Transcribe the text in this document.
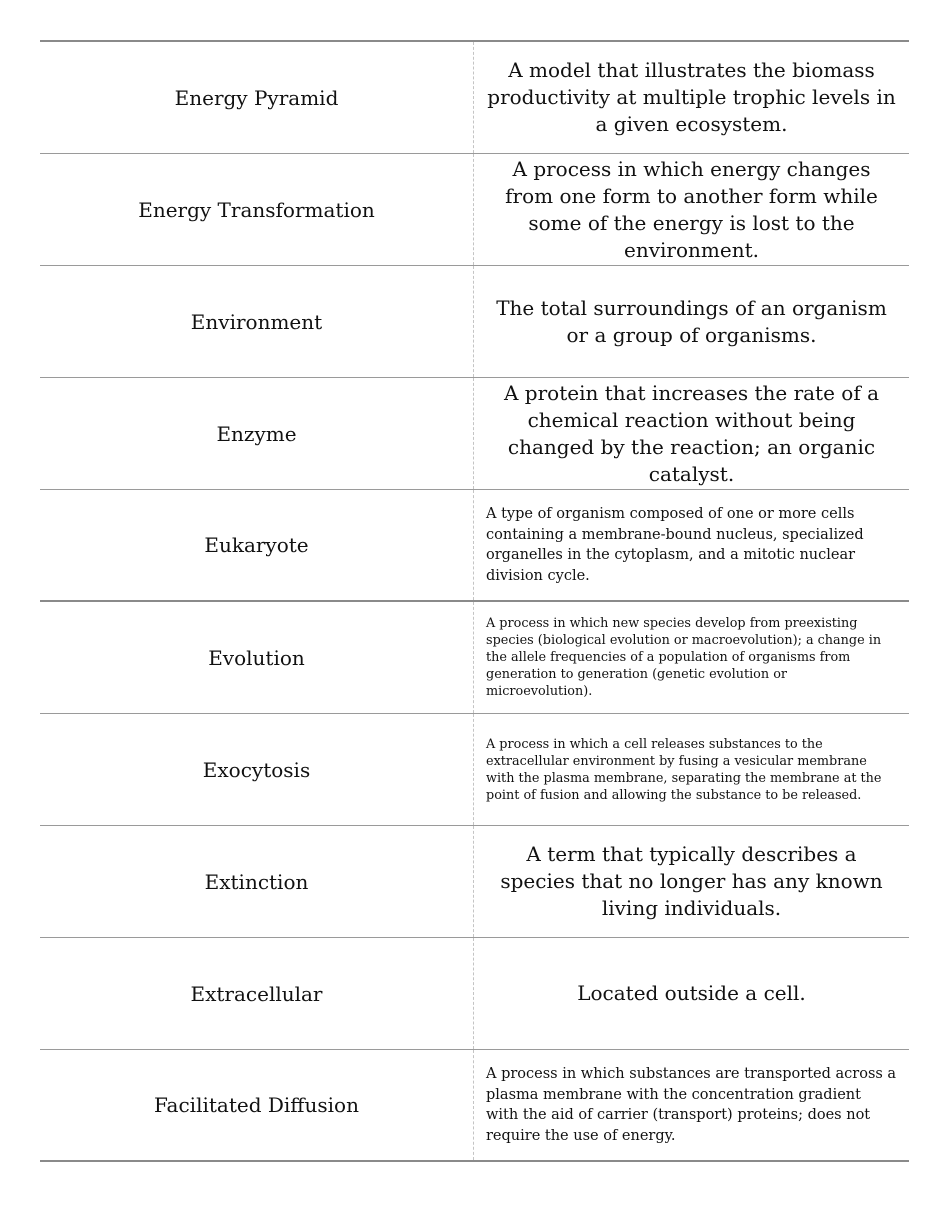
Energy Pyramid
A model that illustrates the biomass productivity at multiple trophic levels in a given ecosystem.
Energy Transformation
A process in which energy changes from one form to another form while some of the energy is lost to the environment.
Environment
The total surroundings of an organism or a group of organisms.
Enzyme
A protein that increases the rate of a chemical reaction without being changed by the reaction; an organic catalyst.
Eukaryote
A type of organism composed of one or more cells containing a membrane-bound nucleus, specialized organelles in the cytoplasm, and a mitotic nuclear division cycle.
Evolution
A process in which new species develop from preexisting species (biological evolution or macroevolution); a change in the allele frequencies of a population of organisms from generation to generation (genetic evolution or microevolution).
Exocytosis
A process in which a cell releases substances to the extracellular environment by fusing a vesicular membrane with the plasma membrane, separating the membrane at the point of fusion and allowing the substance to be released.
Extinction
A term that typically describes a species that no longer has any known living individuals.
Extracellular	Located outside a cell.
Facilitated Diffusion
A process in which substances are transported across a plasma membrane with the concentration gradient with the aid of carrier (transport) proteins; does not require the use of energy.
